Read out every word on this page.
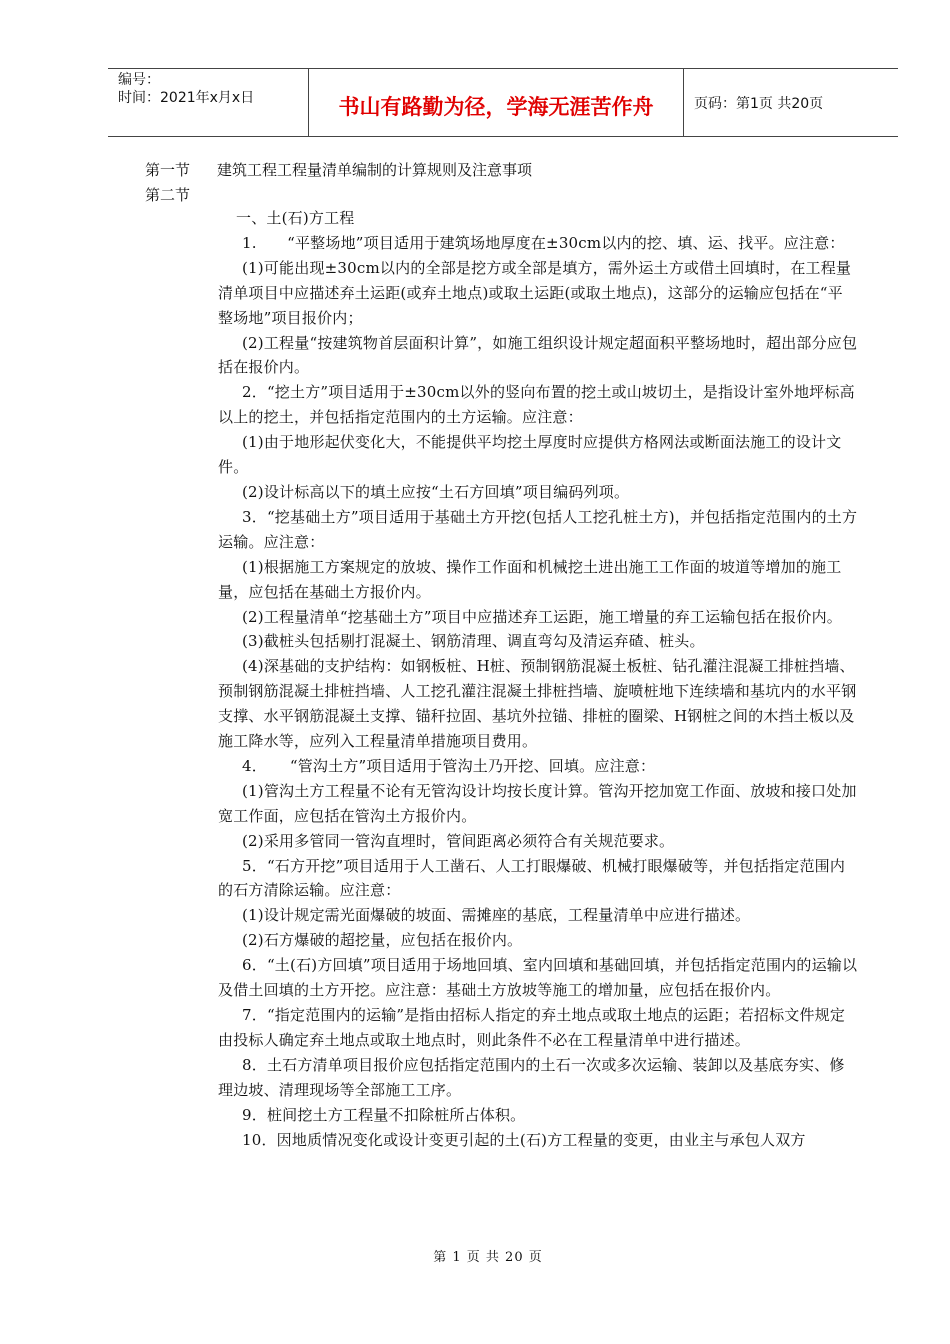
编号：
时间：2021年x月x日	书山有路勤为径，学海无涯苦作舟	页码：第1页 共20页
第一节 建筑工程工程量清单编制的计算规则及注意事项
第二节

一、土(石)方工程

1.　　“平整场地”项目适用于建筑场地厚度在±30cm以内的挖、填、运、找平。应注意：

(1)可能出现±30cm以内的全部是挖方或全部是填方，需外运土方或借土回填时，在工程量清单项目中应描述弃土运距(或弃土地点)或取土运距(或取土地点)，这部分的运输应包括在“平整场地”项目报价内；

(2)工程量“按建筑物首层面积计算”，如施工组织设计规定超面积平整场地时，超出部分应包括在报价内。

2．“挖土方”项目适用于±30cm以外的竖向布置的挖土或山坡切土，是指设计室外地坪标高以上的挖土，并包括指定范围内的土方运输。应注意：

(1)由于地形起伏变化大，不能提供平均挖土厚度时应提供方格网法或断面法施工的设计文件。

(2)设计标高以下的填土应按“土石方回填”项目编码列项。

3．“挖基础土方”项目适用于基础土方开挖(包括人工挖孔桩土方)，并包括指定范围内的土方运输。应注意：

(1)根据施工方案规定的放坡、操作工作面和机械挖土进出施工工作面的坡道等增加的施工量，应包括在基础土方报价内。

(2)工程量清单“挖基础土方”项目中应描述弃工运距，施工增量的弃工运输包括在报价内。

(3)截桩头包括剔打混凝土、钢筋清理、调直弯勾及清运弃碴、桩头。

(4)深基础的支护结构：如钢板桩、H桩、预制钢筋混凝土板桩、钻孔灌注混凝工排桩挡墙、预制钢筋混凝土排桩挡墙、人工挖孔灌注混凝土排桩挡墙、旋喷桩地下连续墙和基坑内的水平钢支撑、水平钢筋混凝土支撑、锚秆拉固、基坑外拉锚、排桩的圈梁、H钢桩之间的木挡土板以及施工降水等，应列入工程量清单措施项目费用。

4．　　“管沟土方”项目适用于管沟土乃开挖、回填。应注意：

(1)管沟土方工程量不论有无管沟设计均按长度计算。管沟开挖加宽工作面、放坡和接口处加宽工作面，应包括在管沟土方报价内。

(2)采用多管同一管沟直埋时，管间距离必须符合有关规范要求。

5．“石方开挖”项目适用于人工凿石、人工打眼爆破、机械打眼爆破等，并包括指定范围内的石方清除运输。应注意：

(1)设计规定需光面爆破的坡面、需摊座的基底，工程量清单中应进行描述。

(2)石方爆破的超挖量，应包括在报价内。

6．“土(石)方回填”项目适用于场地回填、室内回填和基础回填，并包括指定范围内的运输以及借土回填的土方开挖。应注意：基础土方放坡等施工的增加量，应包括在报价内。

7．“指定范围内的运输”是指由招标人指定的弃土地点或取土地点的运距；若招标文件规定由投标人确定弃土地点或取土地点时，则此条件不必在工程量清单中进行描述。

8．土石方清单项目报价应包括指定范围内的土石一次或多次运输、装卸以及基底夯实、修理边坡、清理现场等全部施工工序。

9．桩间挖土方工程量不扣除桩所占体积。

10．因地质情况变化或设计变更引起的土(石)方工程量的变更，由业主与承包人双方

第 1 页 共 20 页
